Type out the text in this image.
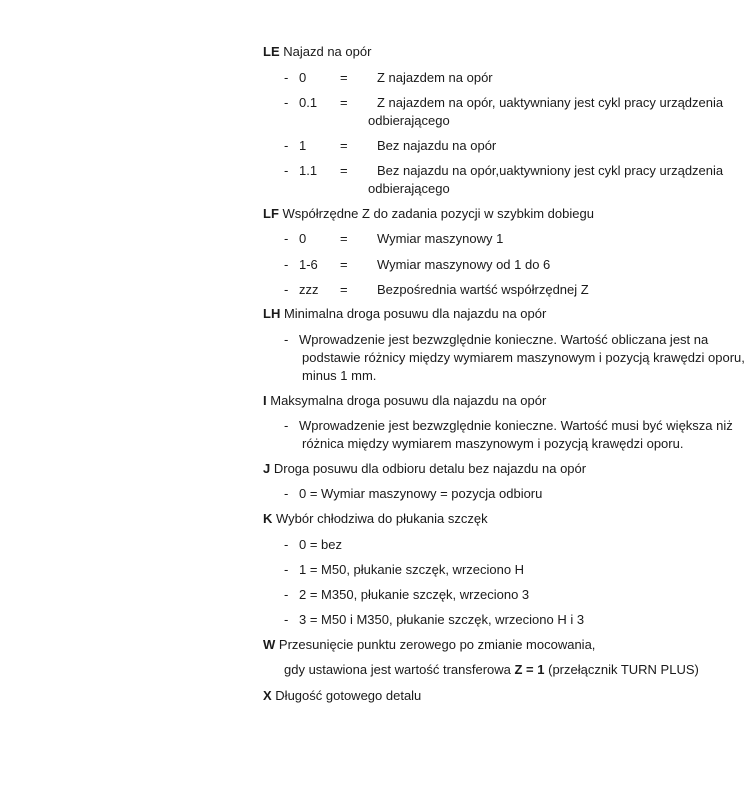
LE Najazd na opór
- 0	= Z najazdem na opór
- 0.1 = Z najazdem na opór, uaktywniany jest cykl pracy urządzenia
odbierającego
- 1	= Bez najazdu na opór
- 1.1 = Bez najazdu na opór,uaktywniony jest cykl pracy urządzenia
odbierającego
LF Współrzędne Z do zadania pozycji w szybkim dobiegu
- 0	= Wymiar maszynowy 1
- 1-6 = Wymiar maszynowy od 1 do 6
- zzz = Bezpośrednia wartść współrzędnej Z
LH Minimalna droga posuwu dla najazdu na opór
- Wprowadzenie jest bezwzględnie konieczne. Wartość obliczana jest na
podstawie różnicy między wymiarem maszynowym i pozycją krawędzi oporu,
minus 1 mm.
I Maksymalna droga posuwu dla najazdu na opór
- Wprowadzenie jest bezwzględnie konieczne. Wartość musi być większa niż
różnica między wymiarem maszynowym i pozycją krawędzi oporu.
J Droga posuwu dla odbioru detalu bez najazdu na opór
- 0 = Wymiar maszynowy = pozycja odbioru
K Wybór chłodziwa do płukania szczęk
- 0 = bez
- 1 = M50, płukanie szczęk, wrzeciono H
- 2 = M350, płukanie szczęk, wrzeciono 3
- 3 = M50 i M350, płukanie szczęk, wrzeciono H i 3
W Przesunięcie punktu zerowego po zmianie mocowania,
gdy ustawiona jest wartość transferowa Z = 1 (przełącznik TURN PLUS)
X Długość gotowego detalu
